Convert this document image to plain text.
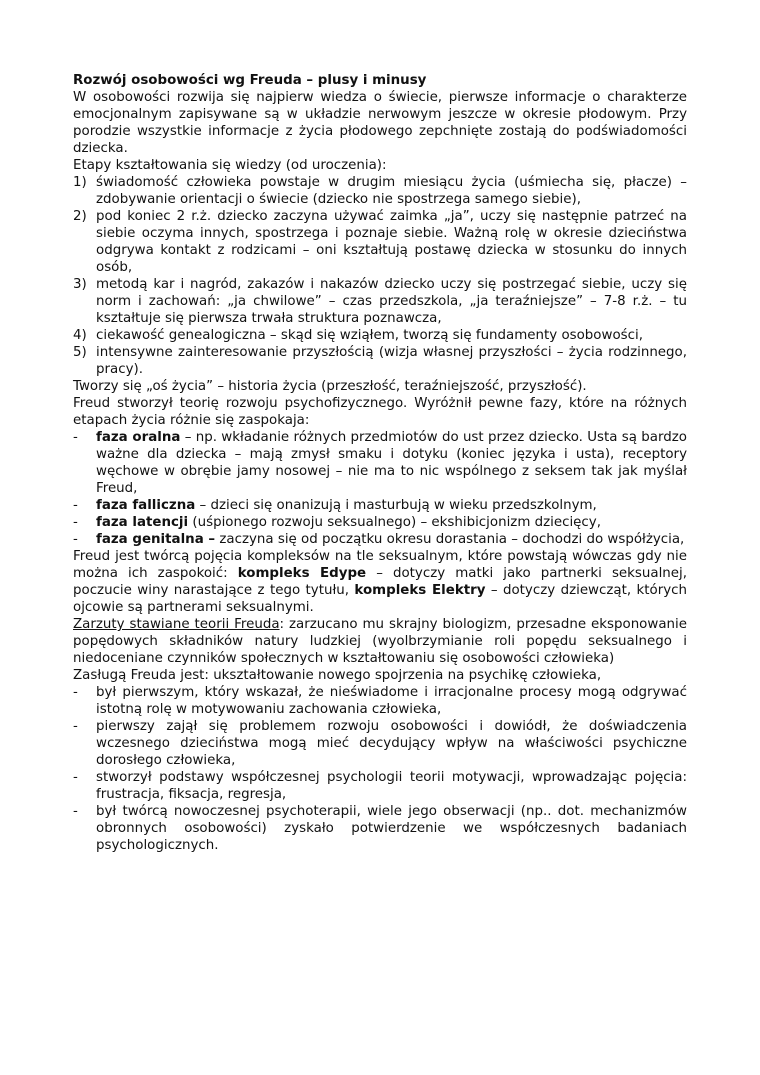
Rozwój osobowości wg Freuda – plusy i minusy

W osobowości rozwija się najpierw wiedza o świecie, pierwsze informacje o charakterze emocjonalnym zapisywane są w układzie nerwowym jeszcze w okresie płodowym. Przy porodzie wszystkie informacje z życia płodowego zepchnięte zostają do podświadomości dziecka.

Etapy kształtowania się wiedzy (od uroczenia):

1) świadomość człowieka powstaje w drugim miesiącu życia (uśmiecha się, płacze) – zdobywanie orientacji o świecie (dziecko nie spostrzega samego siebie),
2) pod koniec 2 r.ż. dziecko zaczyna używać zaimka „ja”, uczy się następnie patrzeć na siebie oczyma innych, spostrzega i poznaje siebie. Ważną rolę w okresie dzieciństwa odgrywa kontakt z rodzicami – oni kształtują postawę dziecka w stosunku do innych osób,
3) metodą kar i nagród, zakazów i nakazów dziecko uczy się postrzegać siebie, uczy się norm i zachowań: „ja chwilowe” – czas przedszkola, „ja teraźniejsze” – 7-8 r.ż. – tu kształtuje się pierwsza trwała struktura poznawcza,
4) ciekawość genealogiczna – skąd się wziąłem, tworzą się fundamenty osobowości,
5) intensywne zainteresowanie przyszłością (wizja własnej przyszłości – życia rodzinnego, pracy).

Tworzy się „oś życia” – historia życia (przeszłość, teraźniejszość, przyszłość).

Freud stworzył teorię rozwoju psychofizycznego. Wyróżnił pewne fazy, które na różnych etapach życia różnie się zaspokaja:

- faza oralna – np. wkładanie różnych przedmiotów do ust przez dziecko. Usta są bardzo ważne dla dziecka – mają zmysł smaku i dotyku (koniec języka i usta), receptory węchowe w obrębie jamy nosowej – nie ma to nic wspólnego z seksem tak jak myślał Freud,
- faza falliczna – dzieci się onanizują i masturbują w wieku przedszkolnym,
- faza latencji (uśpionego rozwoju seksualnego) – ekshibicjonizm dziecięcy,
- faza genitalna – zaczyna się od początku okresu dorastania – dochodzi do współżycia,

Freud jest twórcą pojęcia kompleksów na tle seksualnym, które powstają wówczas gdy nie można ich zaspokoić: kompleks Edype – dotyczy matki jako partnerki seksualnej, poczucie winy narastające z tego tytułu, kompleks Elektry – dotyczy dziewcząt, których ojcowie są partnerami seksualnymi.

Zarzuty stawiane teorii Freuda: zarzucano mu skrajny biologizm, przesadne eksponowanie popędowych składników natury ludzkiej (wyolbrzymianie roli popędu seksualnego i niedoceniane czynników społecznych w kształtowaniu się osobowości człowieka)

Zasługą Freuda jest: ukształtowanie nowego spojrzenia na psychikę człowieka,

- był pierwszym, który wskazał, że nieświadome i irracjonalne procesy mogą odgrywać istotną rolę w motywowaniu zachowania człowieka,
- pierwszy zajął się problemem rozwoju osobowości i dowiódł, że doświadczenia wczesnego dzieciństwa mogą mieć decydujący wpływ na właściwości psychiczne dorosłego człowieka,
- stworzył podstawy współczesnej psychologii teorii motywacji, wprowadzając pojęcia: frustracja, fiksacja, regresja,
- był twórcą nowoczesnej psychoterapii, wiele jego obserwacji (np.. dot. mechanizmów obronnych osobowości) zyskało potwierdzenie we współczesnych badaniach psychologicznych.
